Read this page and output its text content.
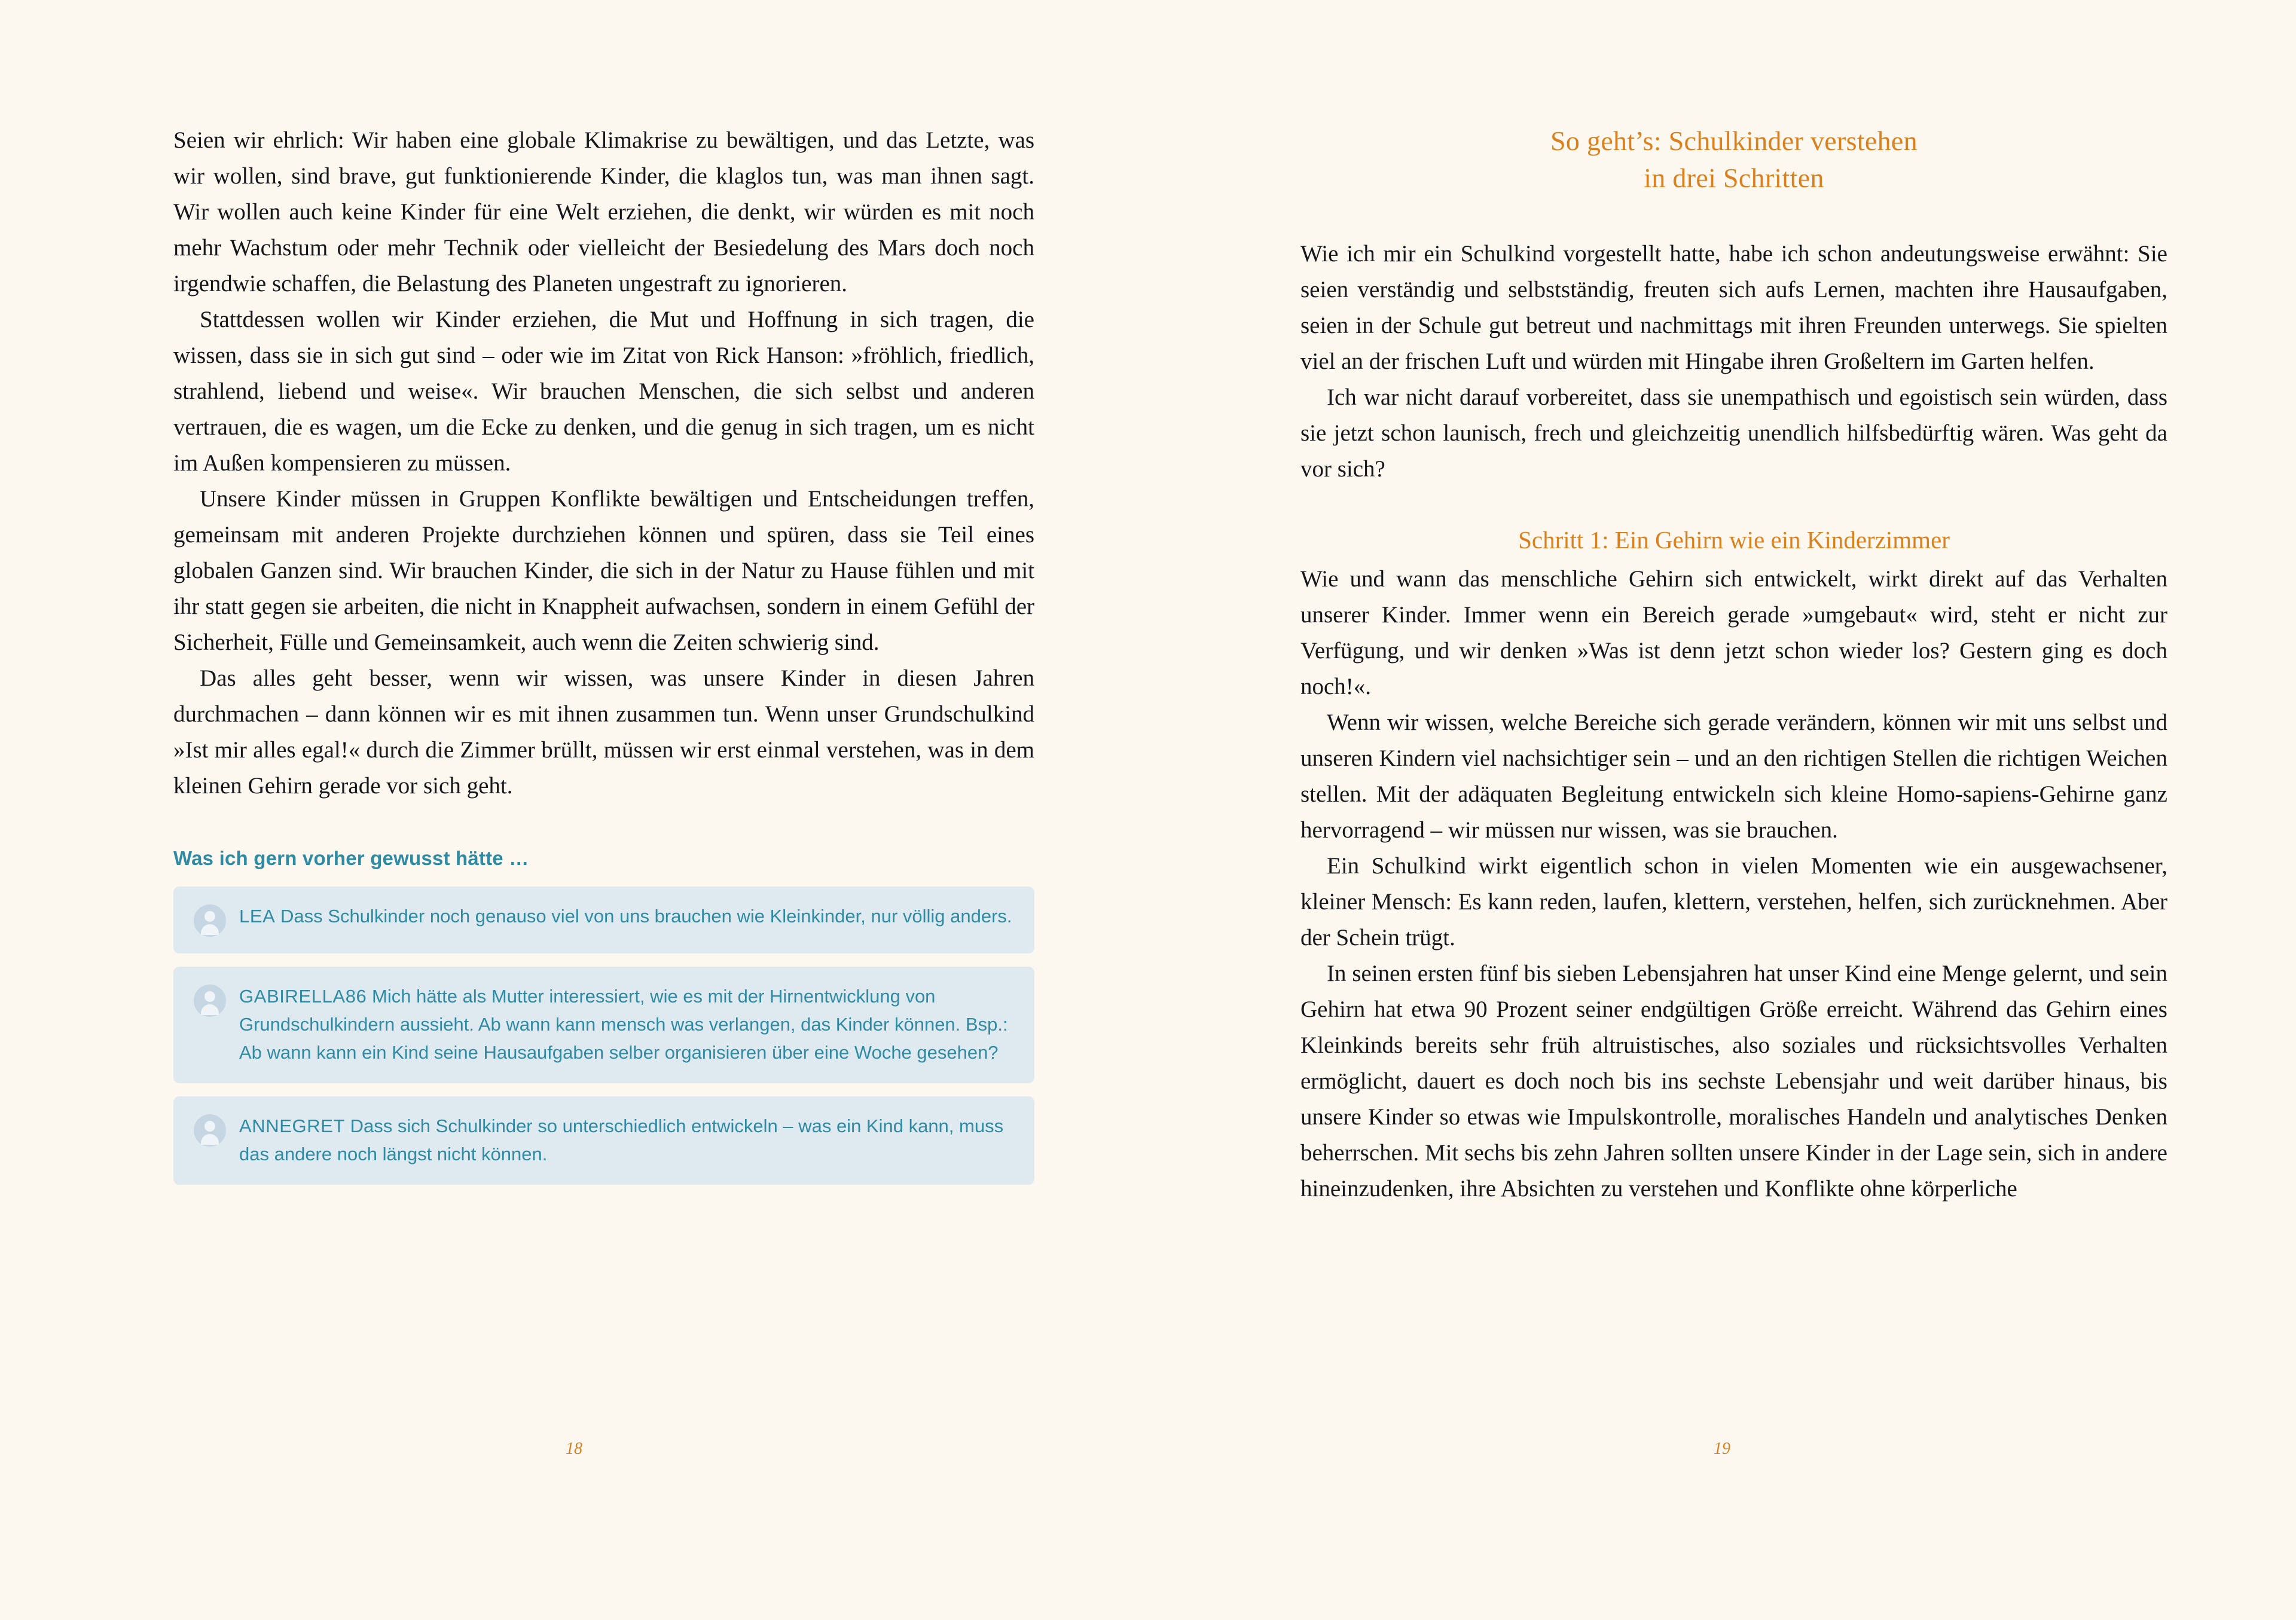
Seien wir ehrlich: Wir haben eine globale Klimakrise zu bewältigen, und das Letzte, was wir wollen, sind brave, gut funktionierende Kinder, die klaglos tun, was man ihnen sagt. Wir wollen auch keine Kinder für eine Welt erziehen, die denkt, wir würden es mit noch mehr Wachstum oder mehr Technik oder vielleicht der Besiedelung des Mars doch noch irgendwie schaffen, die Belastung des Planeten ungestraft zu ignorieren.

Stattdessen wollen wir Kinder erziehen, die Mut und Hoffnung in sich tragen, die wissen, dass sie in sich gut sind – oder wie im Zitat von Rick Hanson: »fröhlich, friedlich, strahlend, liebend und weise«. Wir brauchen Menschen, die sich selbst und anderen vertrauen, die es wagen, um die Ecke zu denken, und die genug in sich tragen, um es nicht im Außen kompensieren zu müssen.

Unsere Kinder müssen in Gruppen Konflikte bewältigen und Entscheidungen treffen, gemeinsam mit anderen Projekte durchziehen können und spüren, dass sie Teil eines globalen Ganzen sind. Wir brauchen Kinder, die sich in der Natur zu Hause fühlen und mit ihr statt gegen sie arbeiten, die nicht in Knappheit aufwachsen, sondern in einem Gefühl der Sicherheit, Fülle und Gemeinsamkeit, auch wenn die Zeiten schwierig sind.

Das alles geht besser, wenn wir wissen, was unsere Kinder in diesen Jahren durchmachen – dann können wir es mit ihnen zusammen tun. Wenn unser Grundschulkind »Ist mir alles egal!« durch die Zimmer brüllt, müssen wir erst einmal verstehen, was in dem kleinen Gehirn gerade vor sich geht.

Was ich gern vorher gewusst hätte …
LEA Dass Schulkinder noch genauso viel von uns brauchen wie Kleinkinder, nur völlig anders.
GABIRELLA86 Mich hätte als Mutter interessiert, wie es mit der Hirnentwicklung von Grundschulkindern aussieht. Ab wann kann mensch was verlangen, das Kinder können. Bsp.: Ab wann kann ein Kind seine Hausaufgaben selber organisieren über eine Woche gesehen?
ANNEGRET Dass sich Schulkinder so unterschiedlich entwickeln – was ein Kind kann, muss das andere noch längst nicht können.
18
So geht’s: Schulkinder verstehen
in drei Schritten

Wie ich mir ein Schulkind vorgestellt hatte, habe ich schon andeutungsweise erwähnt: Sie seien verständig und selbstständig, freuten sich aufs Lernen, machten ihre Hausaufgaben, seien in der Schule gut betreut und nachmittags mit ihren Freunden unterwegs. Sie spielten viel an der frischen Luft und würden mit Hingabe ihren Großeltern im Garten helfen.

Ich war nicht darauf vorbereitet, dass sie unempathisch und egoistisch sein würden, dass sie jetzt schon launisch, frech und gleichzeitig unendlich hilfsbedürftig wären. Was geht da vor sich?

Schritt 1: Ein Gehirn wie ein Kinderzimmer

Wie und wann das menschliche Gehirn sich entwickelt, wirkt direkt auf das Verhalten unserer Kinder. Immer wenn ein Bereich gerade »umgebaut« wird, steht er nicht zur Verfügung, und wir denken »Was ist denn jetzt schon wieder los? Gestern ging es doch noch!«.

Wenn wir wissen, welche Bereiche sich gerade verändern, können wir mit uns selbst und unseren Kindern viel nachsichtiger sein – und an den richtigen Stellen die richtigen Weichen stellen. Mit der adäquaten Begleitung entwickeln sich kleine Homo-sapiens-Gehirne ganz hervorragend – wir müssen nur wissen, was sie brauchen.

Ein Schulkind wirkt eigentlich schon in vielen Momenten wie ein ausgewachsener, kleiner Mensch: Es kann reden, laufen, klettern, verstehen, helfen, sich zurücknehmen. Aber der Schein trügt.

In seinen ersten fünf bis sieben Lebensjahren hat unser Kind eine Menge gelernt, und sein Gehirn hat etwa 90 Prozent seiner endgültigen Größe erreicht. Während das Gehirn eines Kleinkinds bereits sehr früh altruistisches, also soziales und rücksichtsvolles Verhalten ermöglicht, dauert es doch noch bis ins sechste Lebensjahr und weit darüber hinaus, bis unsere Kinder so etwas wie Impulskontrolle, moralisches Handeln und analytisches Denken beherrschen. Mit sechs bis zehn Jahren sollten unsere Kinder in der Lage sein, sich in andere hineinzudenken, ihre Absichten zu verstehen und Konflikte ohne körperliche

19
